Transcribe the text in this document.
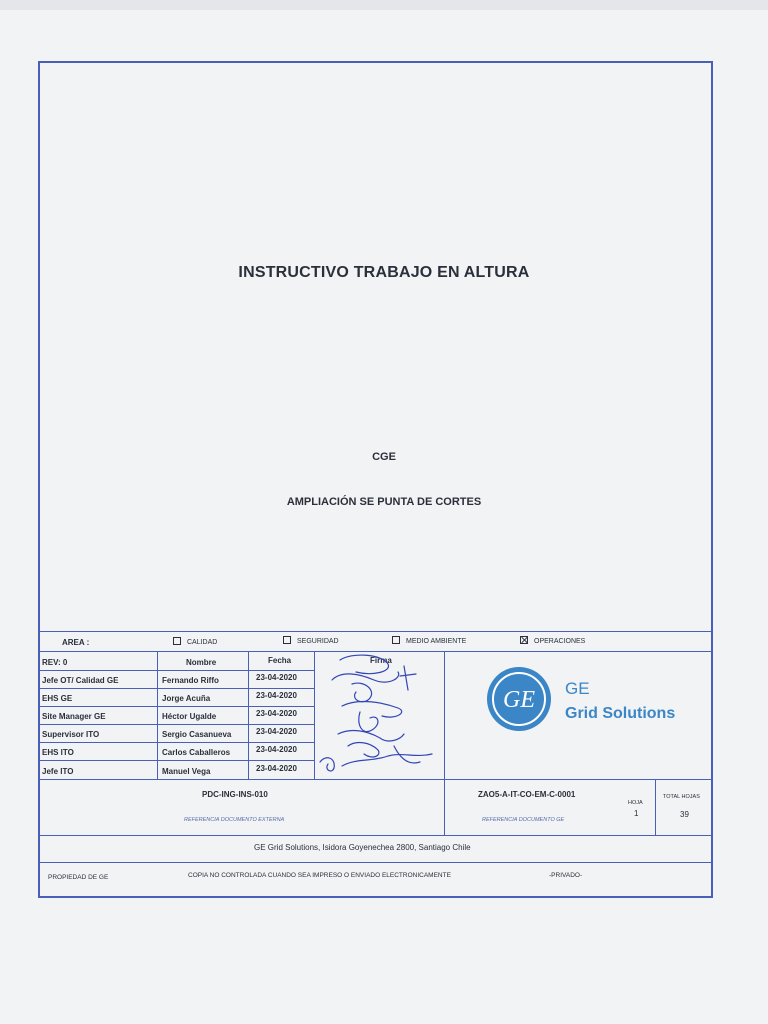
INSTRUCTIVO TRABAJO EN ALTURA
CGE
AMPLIACIÓN SE PUNTA DE CORTES
AREA :	CALIDAD	SEGURIDAD	MEDIO AMBIENTE	OPERACIONES
REV: 0	Nombre	Fecha	Firma
Jefe OT/ Calidad GE	Fernando Riffo	23-04-2020
EHS GE	Jorge Acuña	23-04-2020
Site Manager GE	Héctor Ugalde	23-04-2020
Supervisor ITO	Sergio Casanueva	23-04-2020
EHS ITO	Carlos Caballeros	23-04-2020
Jefe ITO	Manuel Vega	23-04-2020
GE GE
Grid Solutions
PDC-ING-INS-010
REFERENCIA DOCUMENTO EXTERNA
ZAO5-A-IT-CO-EM-C-0001
REFERENCIA DOCUMENTO GE
HOJA
1
TOTAL HOJAS
39
GE Grid Solutions, Isidora Goyenechea 2800, Santiago Chile
PROPIEDAD DE GE	COPIA NO CONTROLADA CUANDO SEA IMPRESO O ENVIADO ELECTRONICAMENTE	-PRIVADO-
